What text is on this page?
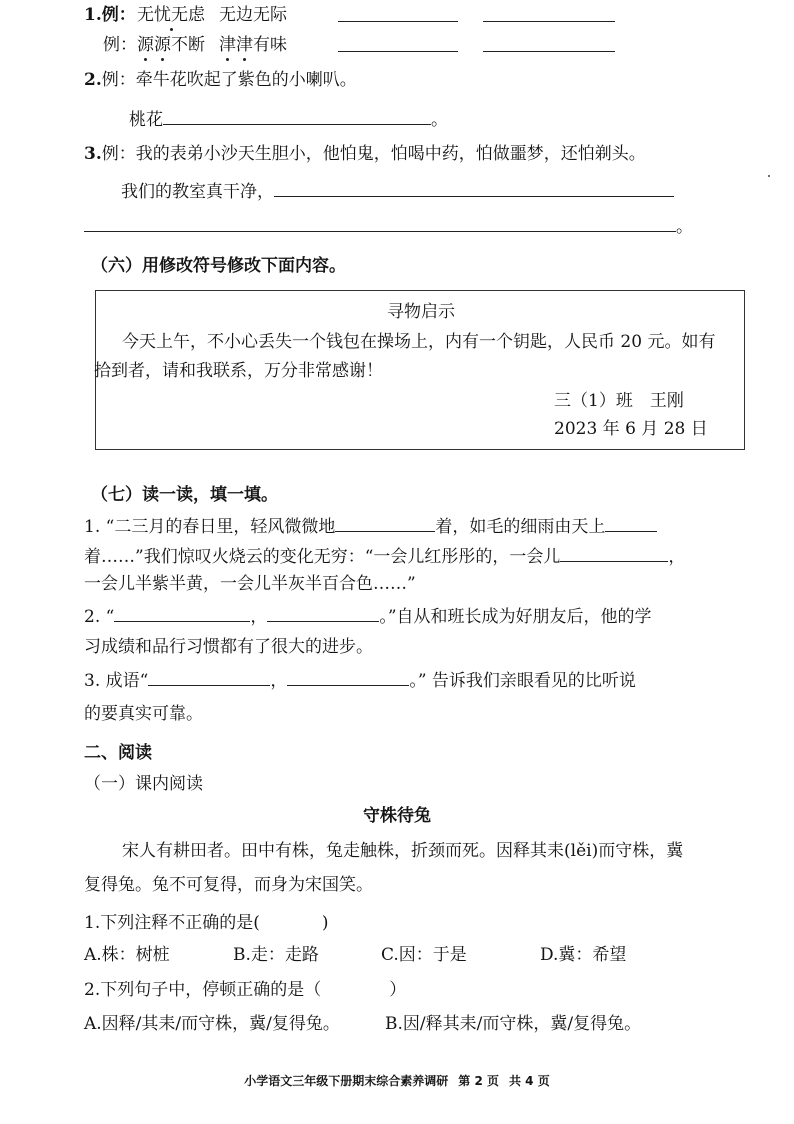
1.例： 无忧无虑 无边无际
例：源源不断 津津有味
2.例：牵牛花吹起了紫色的小喇叭。
桃花	。
3.例：我的表弟小沙天生胆小，他怕鬼，怕喝中药，怕做噩梦，还怕剃头。
我们的教室真干净，
。
（六）用修改符号修改下面内容。
寻物启示
今天上午，不小心丢失一个钱包在操场上，内有一个钥匙，人民币 20 元。如有
拾到者，请和我联系，万分非常感谢！
三（1）班　王刚
2023 年 6 月 28 日
（七）读一读，填一填。
1. “二三月的春日里，轻风微微地	着，如毛的细雨由天上
着……”我们惊叹火烧云的变化无穷：“一会儿红彤彤的，一会儿	，
一会儿半紫半黄，一会儿半灰半百合色……”
2. “	，	。”自从和班长成为好朋友后，他的学
习成绩和品行习惯都有了很大的进步。
3. 成语“	，	。” 告诉我们亲眼看见的比听说
的要真实可靠。
二、阅读
（一）课内阅读
守株待兔
宋人有耕田者。田中有株，兔走触株，折颈而死。因释其耒(lěi)而守株，冀
复得兔。兔不可复得，而身为宋国笑。
1.下列注释不正确的是(	)
A.株：树桩	B.走：走路	C.因：于是	D.冀：希望
2.下列句子中，停顿正确的是（	）
A.因释/其耒/而守株，冀/复得兔。	B.因/释其耒/而守株，冀/复得兔。
小学语文三年级下册期末综合素养调研 第 2 页 共 4 页
